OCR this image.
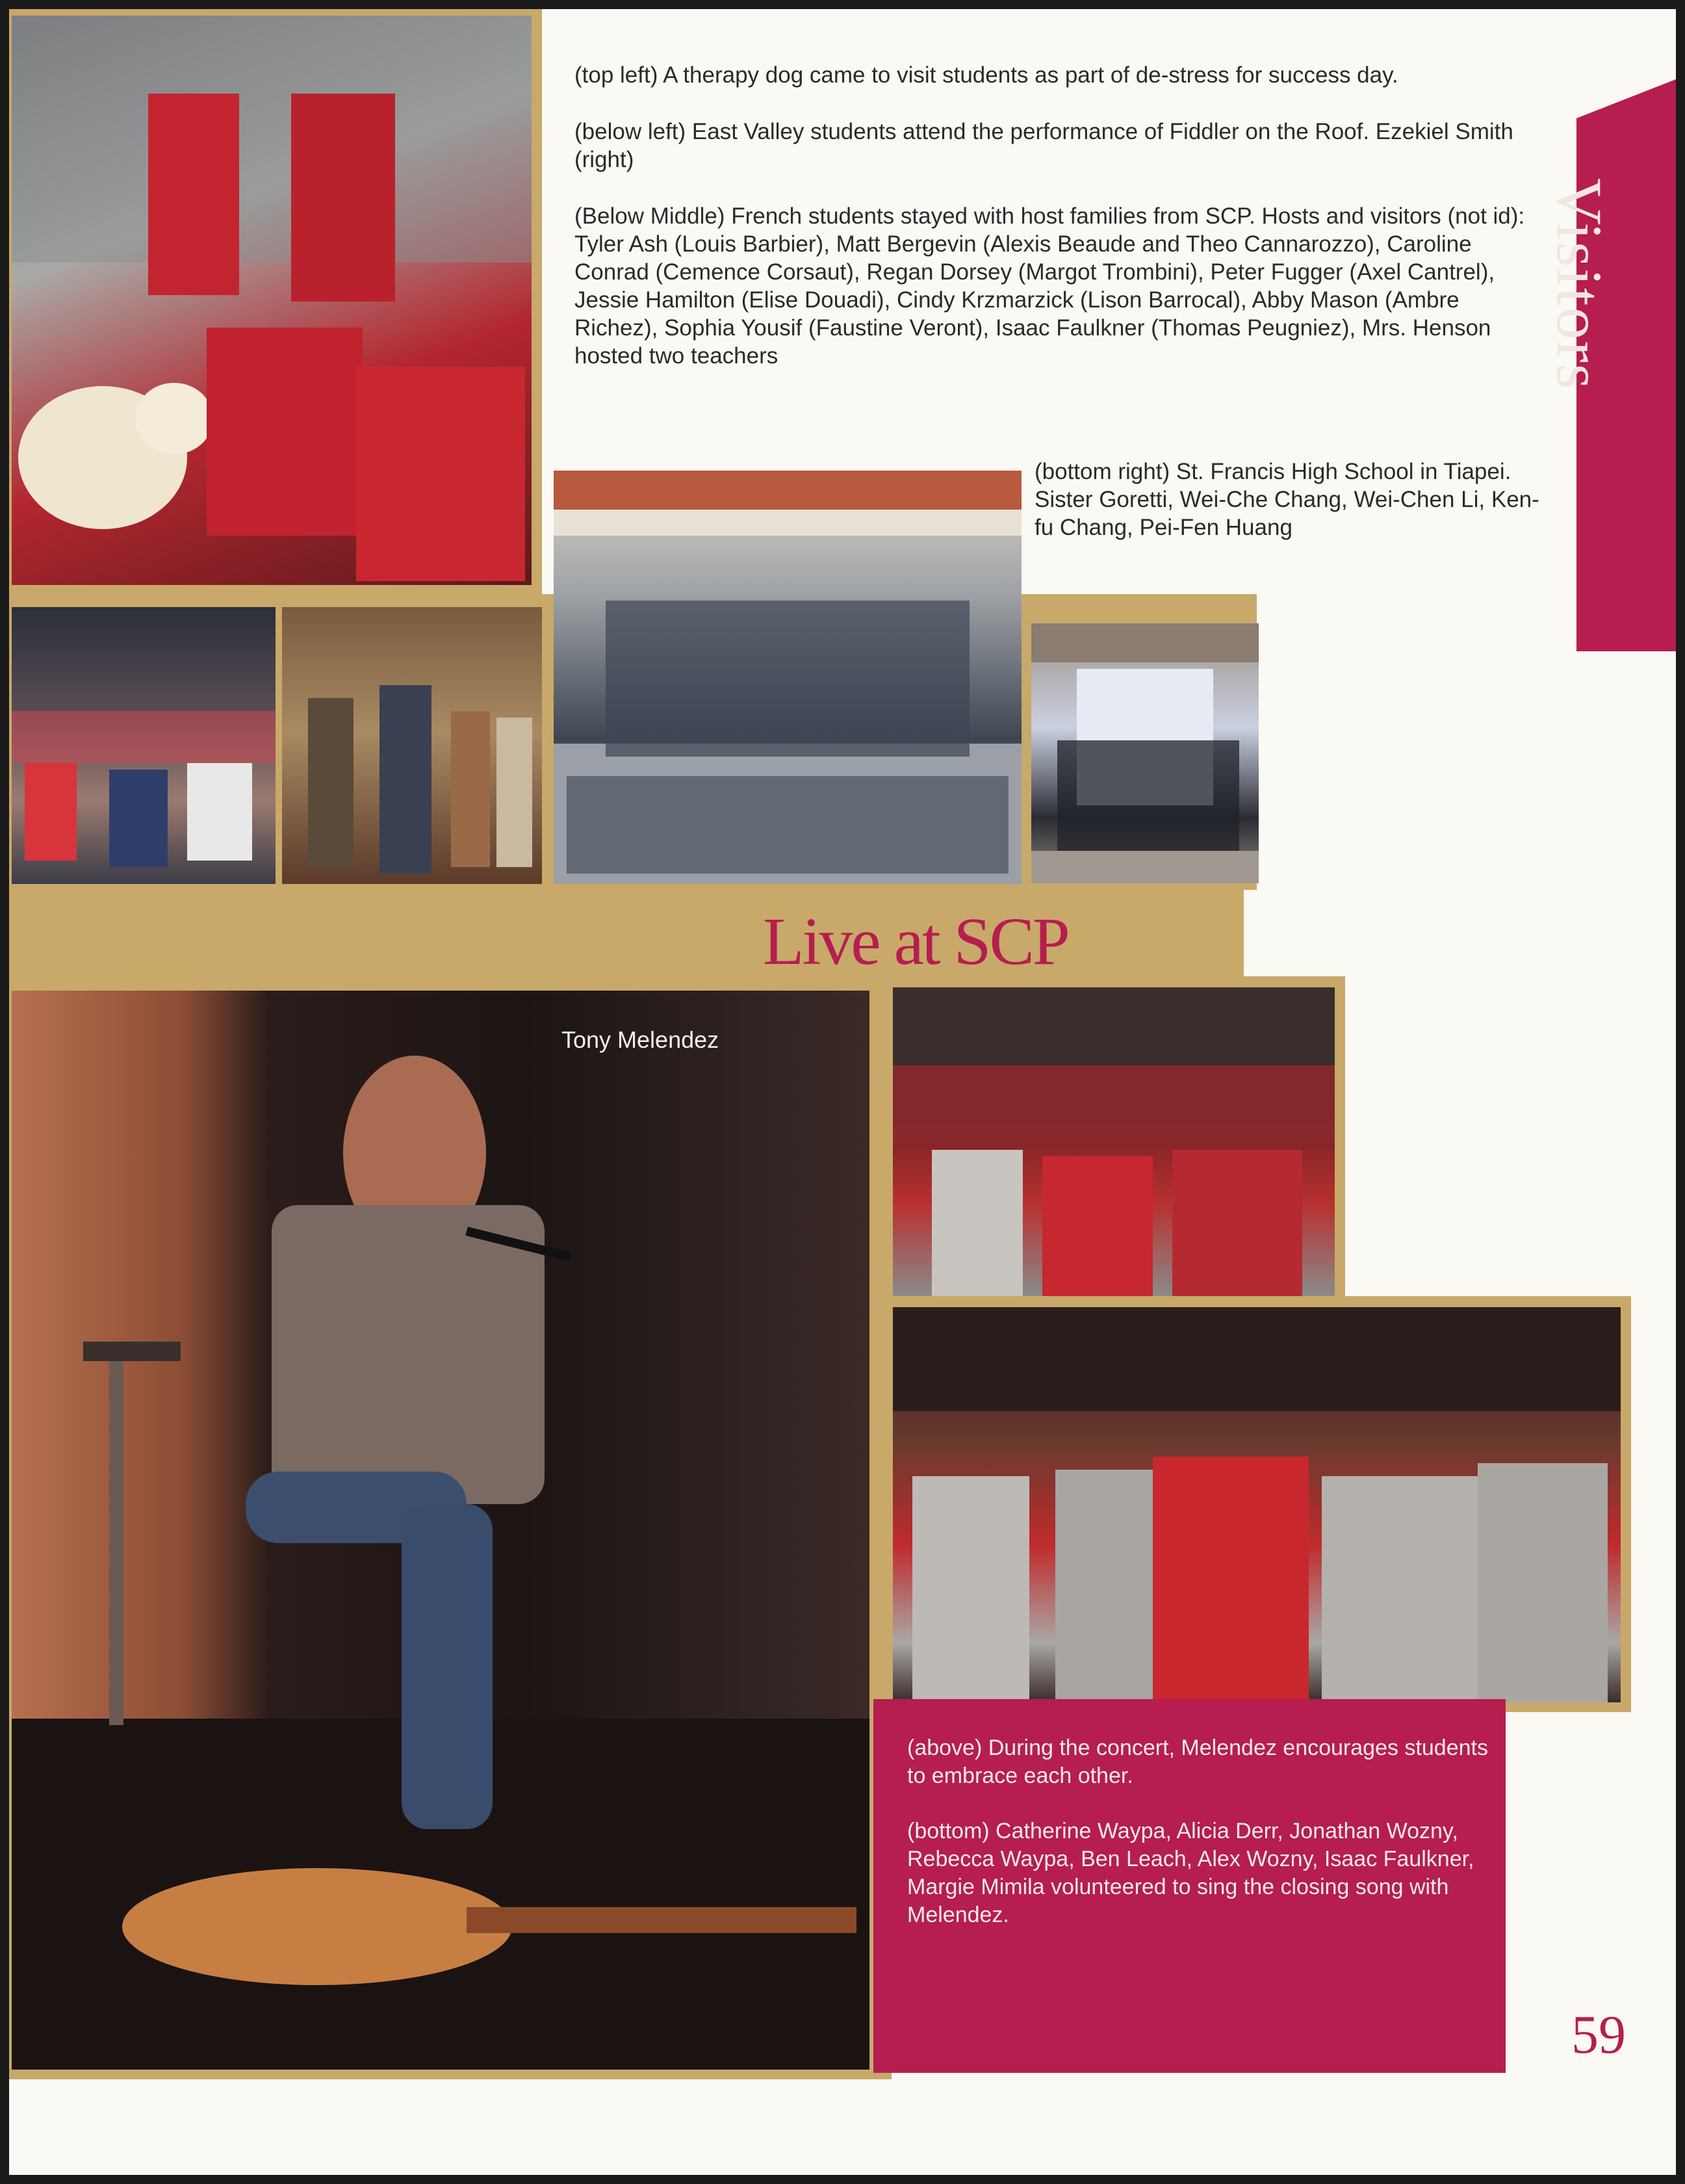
(top left) A therapy dog came to visit students as part of de-stress for success day.

(below left) East Valley students attend the performance of Fiddler on the Roof. Ezekiel Smith (right)

(Below Middle) French students stayed with host families from SCP. Hosts and visitors (not id): Tyler Ash (Louis Barbier), Matt Bergevin (Alexis Beaude and Theo Cannarozzo), Caroline Conrad (Cemence Corsaut), Regan Dorsey (Margot Trombini), Peter Fugger (Axel Cantrel), Jessie Hamilton (Elise Douadi), Cindy Krzmarzick (Lison Barrocal), Abby Mason (Ambre Richez), Sophia Yousif (Faustine Veront), Isaac Faulkner (Thomas Peugniez), Mrs. Henson hosted two teachers

(bottom right) St. Francis High School in Tiapei. Sister Goretti, Wei-Che Chang, Wei-Chen Li, Ken-fu Chang, Pei-Fen Huang

Visitors
Live at SCP
Tony Melendez

(above) During the concert, Melendez encourages students to embrace each other.

(bottom) Catherine Waypa, Alicia Derr, Jonathan Wozny, Rebecca Waypa, Ben Leach, Alex Wozny, Isaac Faulkner, Margie Mimila volunteered to sing the closing song with Melendez.

59
